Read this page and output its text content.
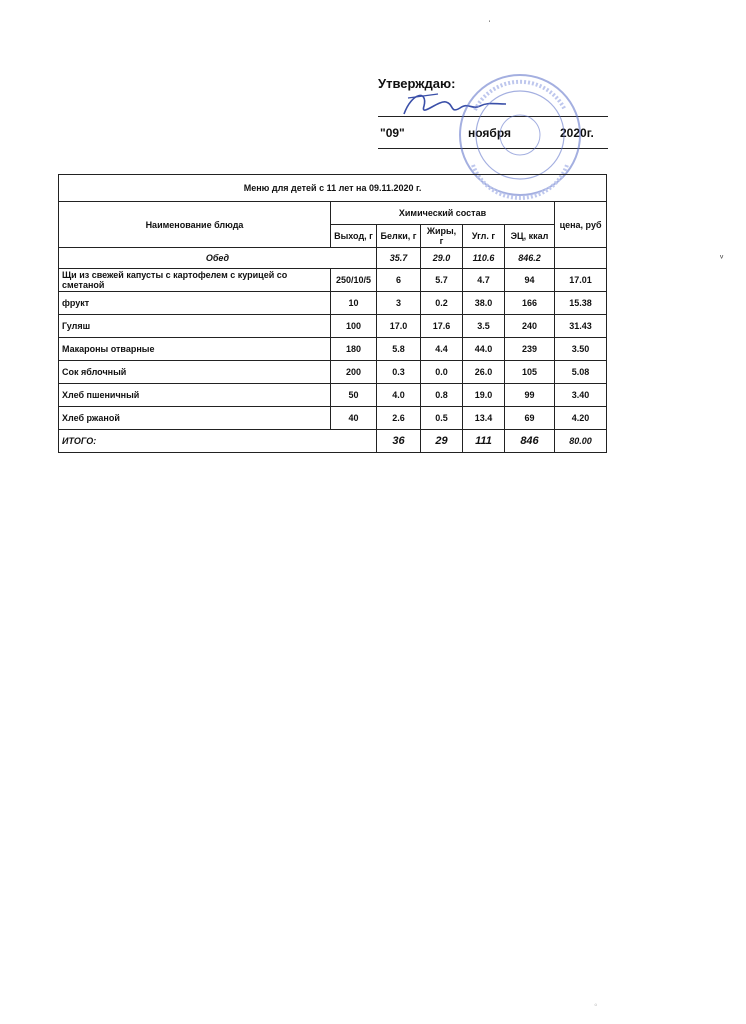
Утверждаю:
"09"	ноября	2020г.
Меню для детей с 11 лет на 09.11.2020 г.						
Наименование блюда	Химический состав					цена, руб
	Выход, г	Белки, г	Жиры, г	Угл. г	ЭЦ, ккал	
Обед		35.7	29.0	110.6	846.2	
Щи из свежей капусты с картофелем с курицей со сметаной	250/10/5	6	5.7	4.7	94	17.01
фрукт	10	3	0.2	38.0	166	15.38
Гуляш	100	17.0	17.6	3.5	240	31.43
Макароны отварные	180	5.8	4.4	44.0	239	3.50
Сок яблочный	200	0.3	0.0	26.0	105	5.08
Хлеб пшеничный	50	4.0	0.8	19.0	99	3.40
Хлеб ржаной	40	2.6	0.5	13.4	69	4.20
ИТОГО:		36	29	111	846	80.00
ˈ
ᵥ
◦
